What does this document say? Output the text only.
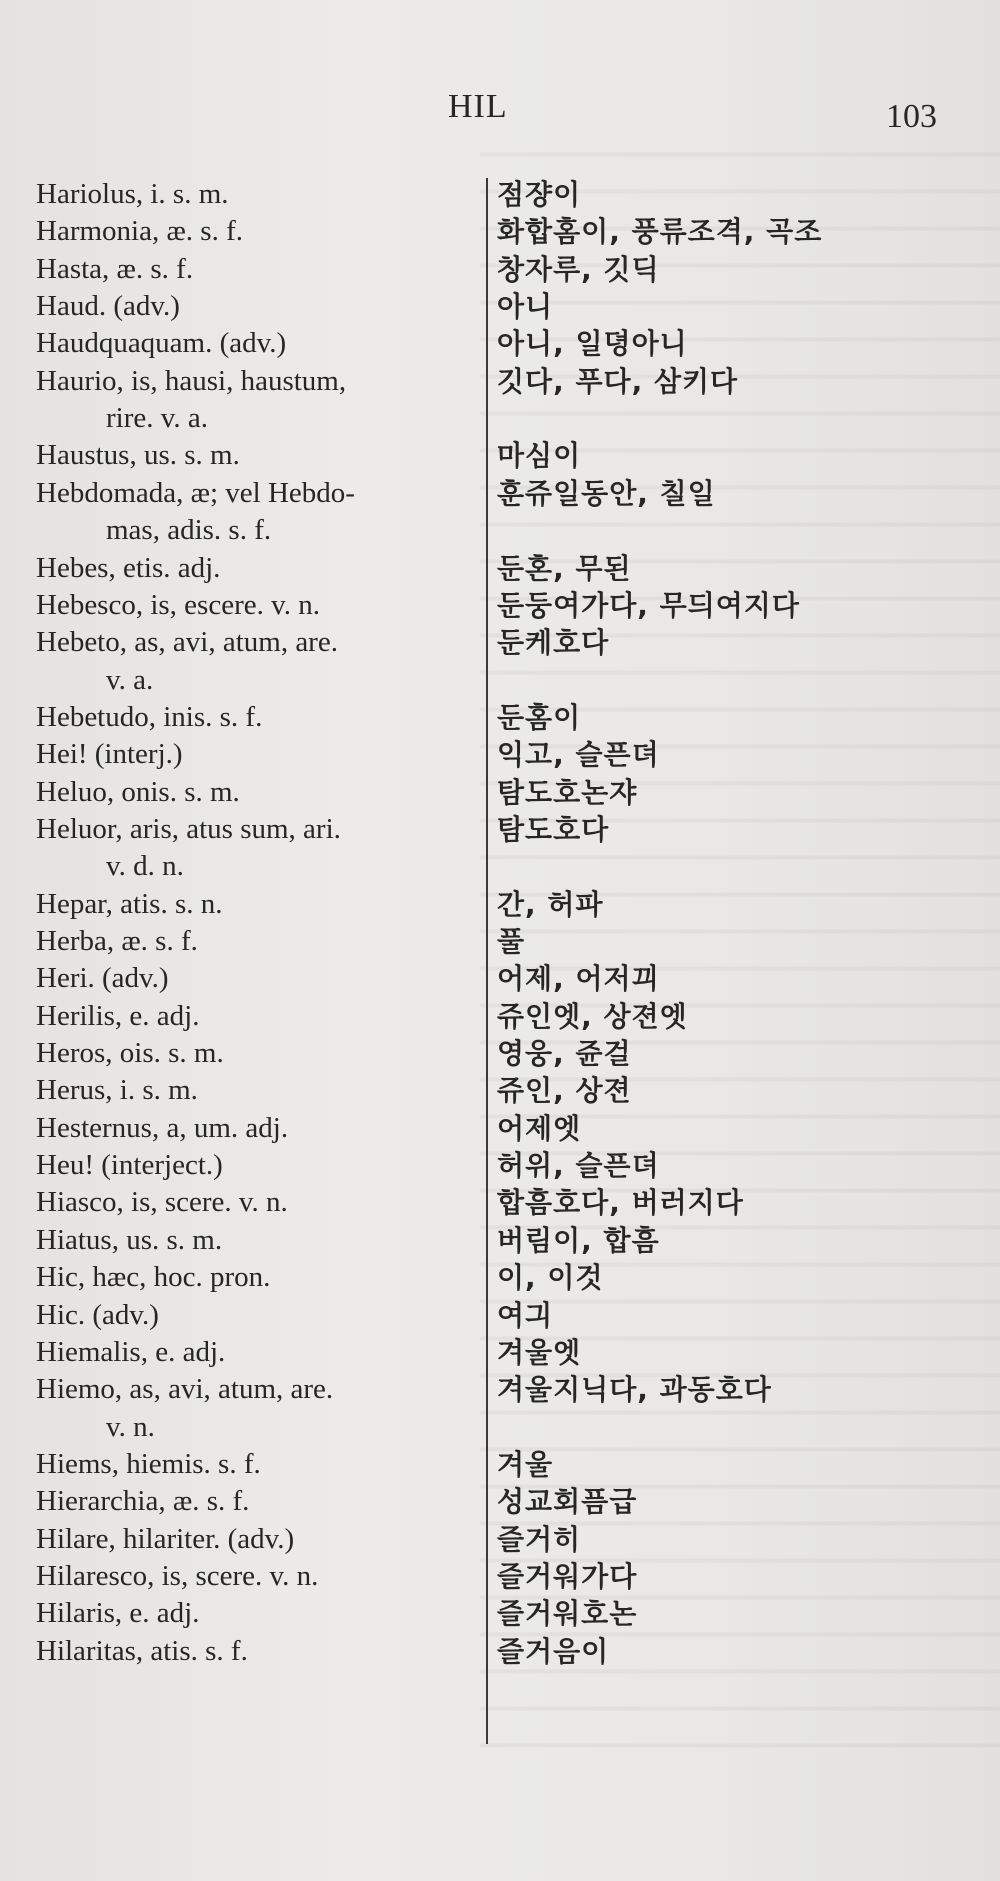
HIL	103
Hariolus, i. s. m.	점쟝이
Harmonia, æ. s. f.	화합홈이, 풍류조격, 곡조
Hasta, æ. s. f.	창자루, 깃딕
Haud. (adv.)	아니
Haudquaquam. (adv.)	아니, 일뎡아니
Haurio, is, hausi, haustum,	깃다, 푸다, 삼키다
rire. v. a.
Haustus, us. s. m.	마심이
Hebdomada, æ; vel Hebdo-	훈쥬일동안, 칠일
mas, adis. s. f.
Hebes, etis. adj.	둔혼, 무된
Hebesco, is, escere. v. n.	둔둥여가다, 무듸여지다
Hebeto, as, avi, atum, are.	둔케호다
v. a.
Hebetudo, inis. s. f.	둔홈이
Hei! (interj.)	익고, 슬픈뎌
Heluo, onis. s. m.	탐도호논쟈
Heluor, aris, atus sum, ari.	탐도호다
v. d. n.
Hepar, atis. s. n.	간, 허파
Herba, æ. s. f.	풀
Heri. (adv.)	어제, 어저끠
Herilis, e. adj.	쥬인엣, 상젼엣
Heros, ois. s. m.	영웅, 쥰걸
Herus, i. s. m.	쥬인, 상젼
Hesternus, a, um. adj.	어제엣
Heu! (interject.)	허위, 슬픈뎌
Hiasco, is, scere. v. n.	합흠호다, 버러지다
Hiatus, us. s. m.	버림이, 합흠
Hic, hæc, hoc. pron.	이, 이것
Hic. (adv.)	여긔
Hiemalis, e. adj.	겨울엣
Hiemo, as, avi, atum, are.	겨울지닉다, 과동호다
v. n.
Hiems, hiemis. s. f.	겨울
Hierarchia, æ. s. f.	성교회픔급
Hilare, hilariter. (adv.)	즐거히
Hilaresco, is, scere. v. n.	즐거워가다
Hilaris, e. adj.	즐거워호논
Hilaritas, atis. s. f.	즐거음이
